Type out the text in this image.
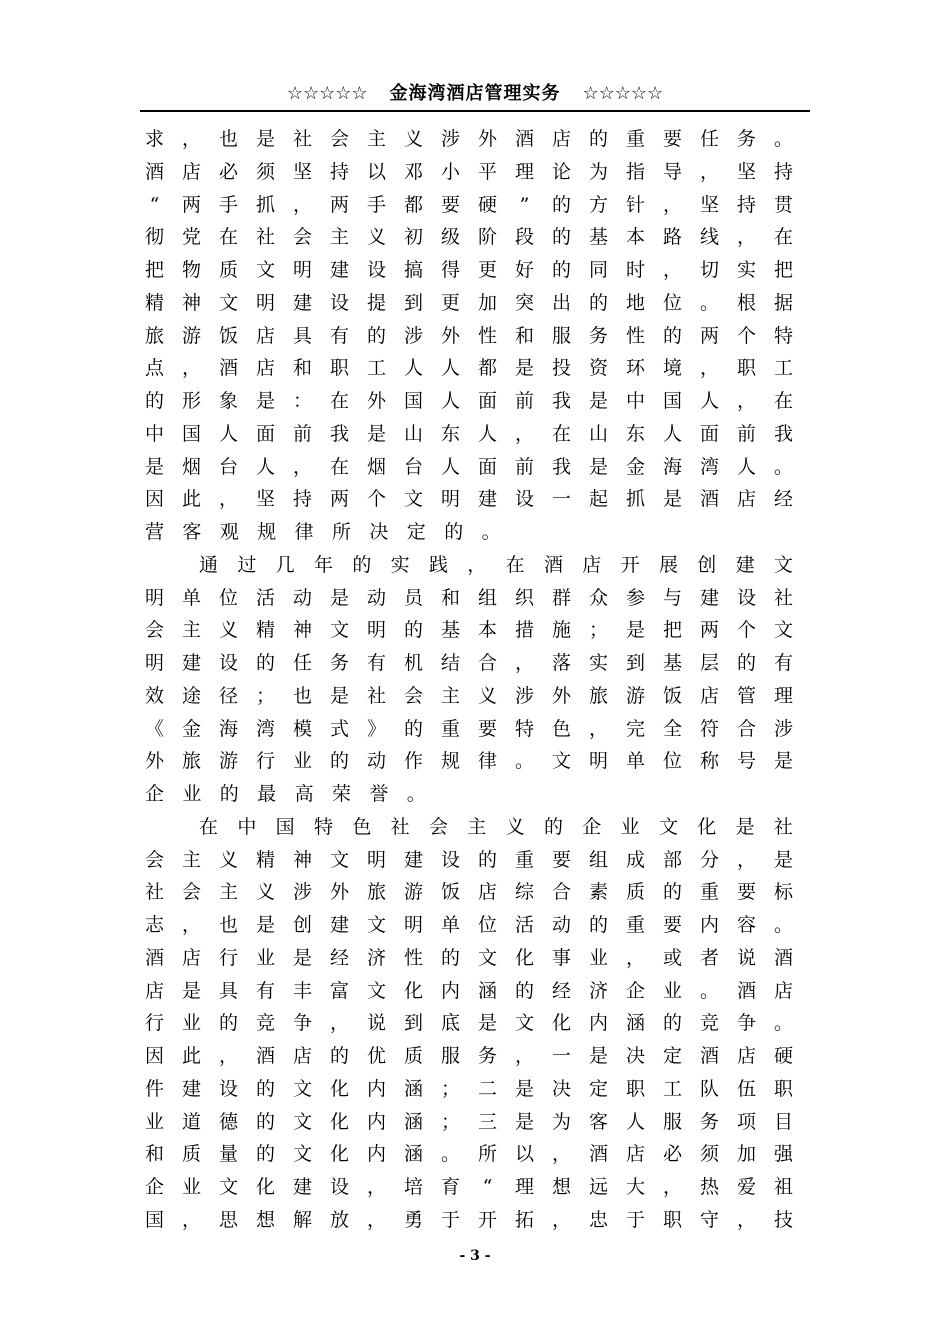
☆☆☆☆☆ 金海湾酒店管理实务 ☆☆☆☆☆
求 ， 也 是 社 会 主 义 涉 外 酒 店 的 重 要 任 务 。
酒 店 必 须 坚 持 以 邓 小 平 理 论 为 指 导 ， 坚 持
“ 两 手 抓 ， 两 手 都 要 硬 ” 的 方 针 ， 坚 持 贯
彻 党 在 社 会 主 义 初 级 阶 段 的 基 本 路 线 ， 在
把 物 质 文 明 建 设 搞 得 更 好 的 同 时 ， 切 实 把
精 神 文 明 建 设 提 到 更 加 突 出 的 地 位 。 根 据
旅 游 饭 店 具 有 的 涉 外 性 和 服 务 性 的 两 个 特
点 ， 酒 店 和 职 工 人 人 都 是 投 资 环 境 ， 职 工
的 形 象 是 ： 在 外 国 人 面 前 我 是 中 国 人 ， 在
中 国 人 面 前 我 是 山 东 人 ， 在 山 东 人 面 前 我
是 烟 台 人 ， 在 烟 台 人 面 前 我 是 金 海 湾 人 。
因 此 ， 坚 持 两 个 文 明 建 设 一 起 抓 是 酒 店 经
营客观规律所决定的。
通 过 几 年 的 实 践 ， 在 酒 店 开 展 创 建 文
明 单 位 活 动 是 动 员 和 组 织 群 众 参 与 建 设 社
会 主 义 精 神 文 明 的 基 本 措 施 ； 是 把 两 个 文
明 建 设 的 任 务 有 机 结 合 ， 落 实 到 基 层 的 有
效 途 径 ； 也 是 社 会 主 义 涉 外 旅 游 饭 店 管 理
《 金 海 湾 模 式 》 的 重 要 特 色 ， 完 全 符 合 涉
外 旅 游 行 业 的 动 作 规 律 。 文 明 单 位 称 号 是
企业的最高荣誉。
在 中 国 特 色 社 会 主 义 的 企 业 文 化 是 社
会 主 义 精 神 文 明 建 设 的 重 要 组 成 部 分 ， 是
社 会 主 义 涉 外 旅 游 饭 店 综 合 素 质 的 重 要 标
志 ， 也 是 创 建 文 明 单 位 活 动 的 重 要 内 容 。
酒 店 行 业 是 经 济 性 的 文 化 事 业 ， 或 者 说 酒
店 是 具 有 丰 富 文 化 内 涵 的 经 济 企 业 。 酒 店
行 业 的 竞 争 ， 说 到 底 是 文 化 内 涵 的 竞 争 。
因 此 ， 酒 店 的 优 质 服 务 ， 一 是 决 定 酒 店 硬
件 建 设 的 文 化 内 涵 ； 二 是 决 定 职 工 队 伍 职
业 道 德 的 文 化 内 涵 ； 三 是 为 客 人 服 务 项 目
和 质 量 的 文 化 内 涵 。 所 以 ， 酒 店 必 须 加 强
企 业 文 化 建 设 ， 培 育 “ 理 想 远 大 ， 热 爱 祖
国 ， 思 想 解 放 ， 勇 于 开 拓 ， 忠 于 职 守 ， 技
- 3 -
